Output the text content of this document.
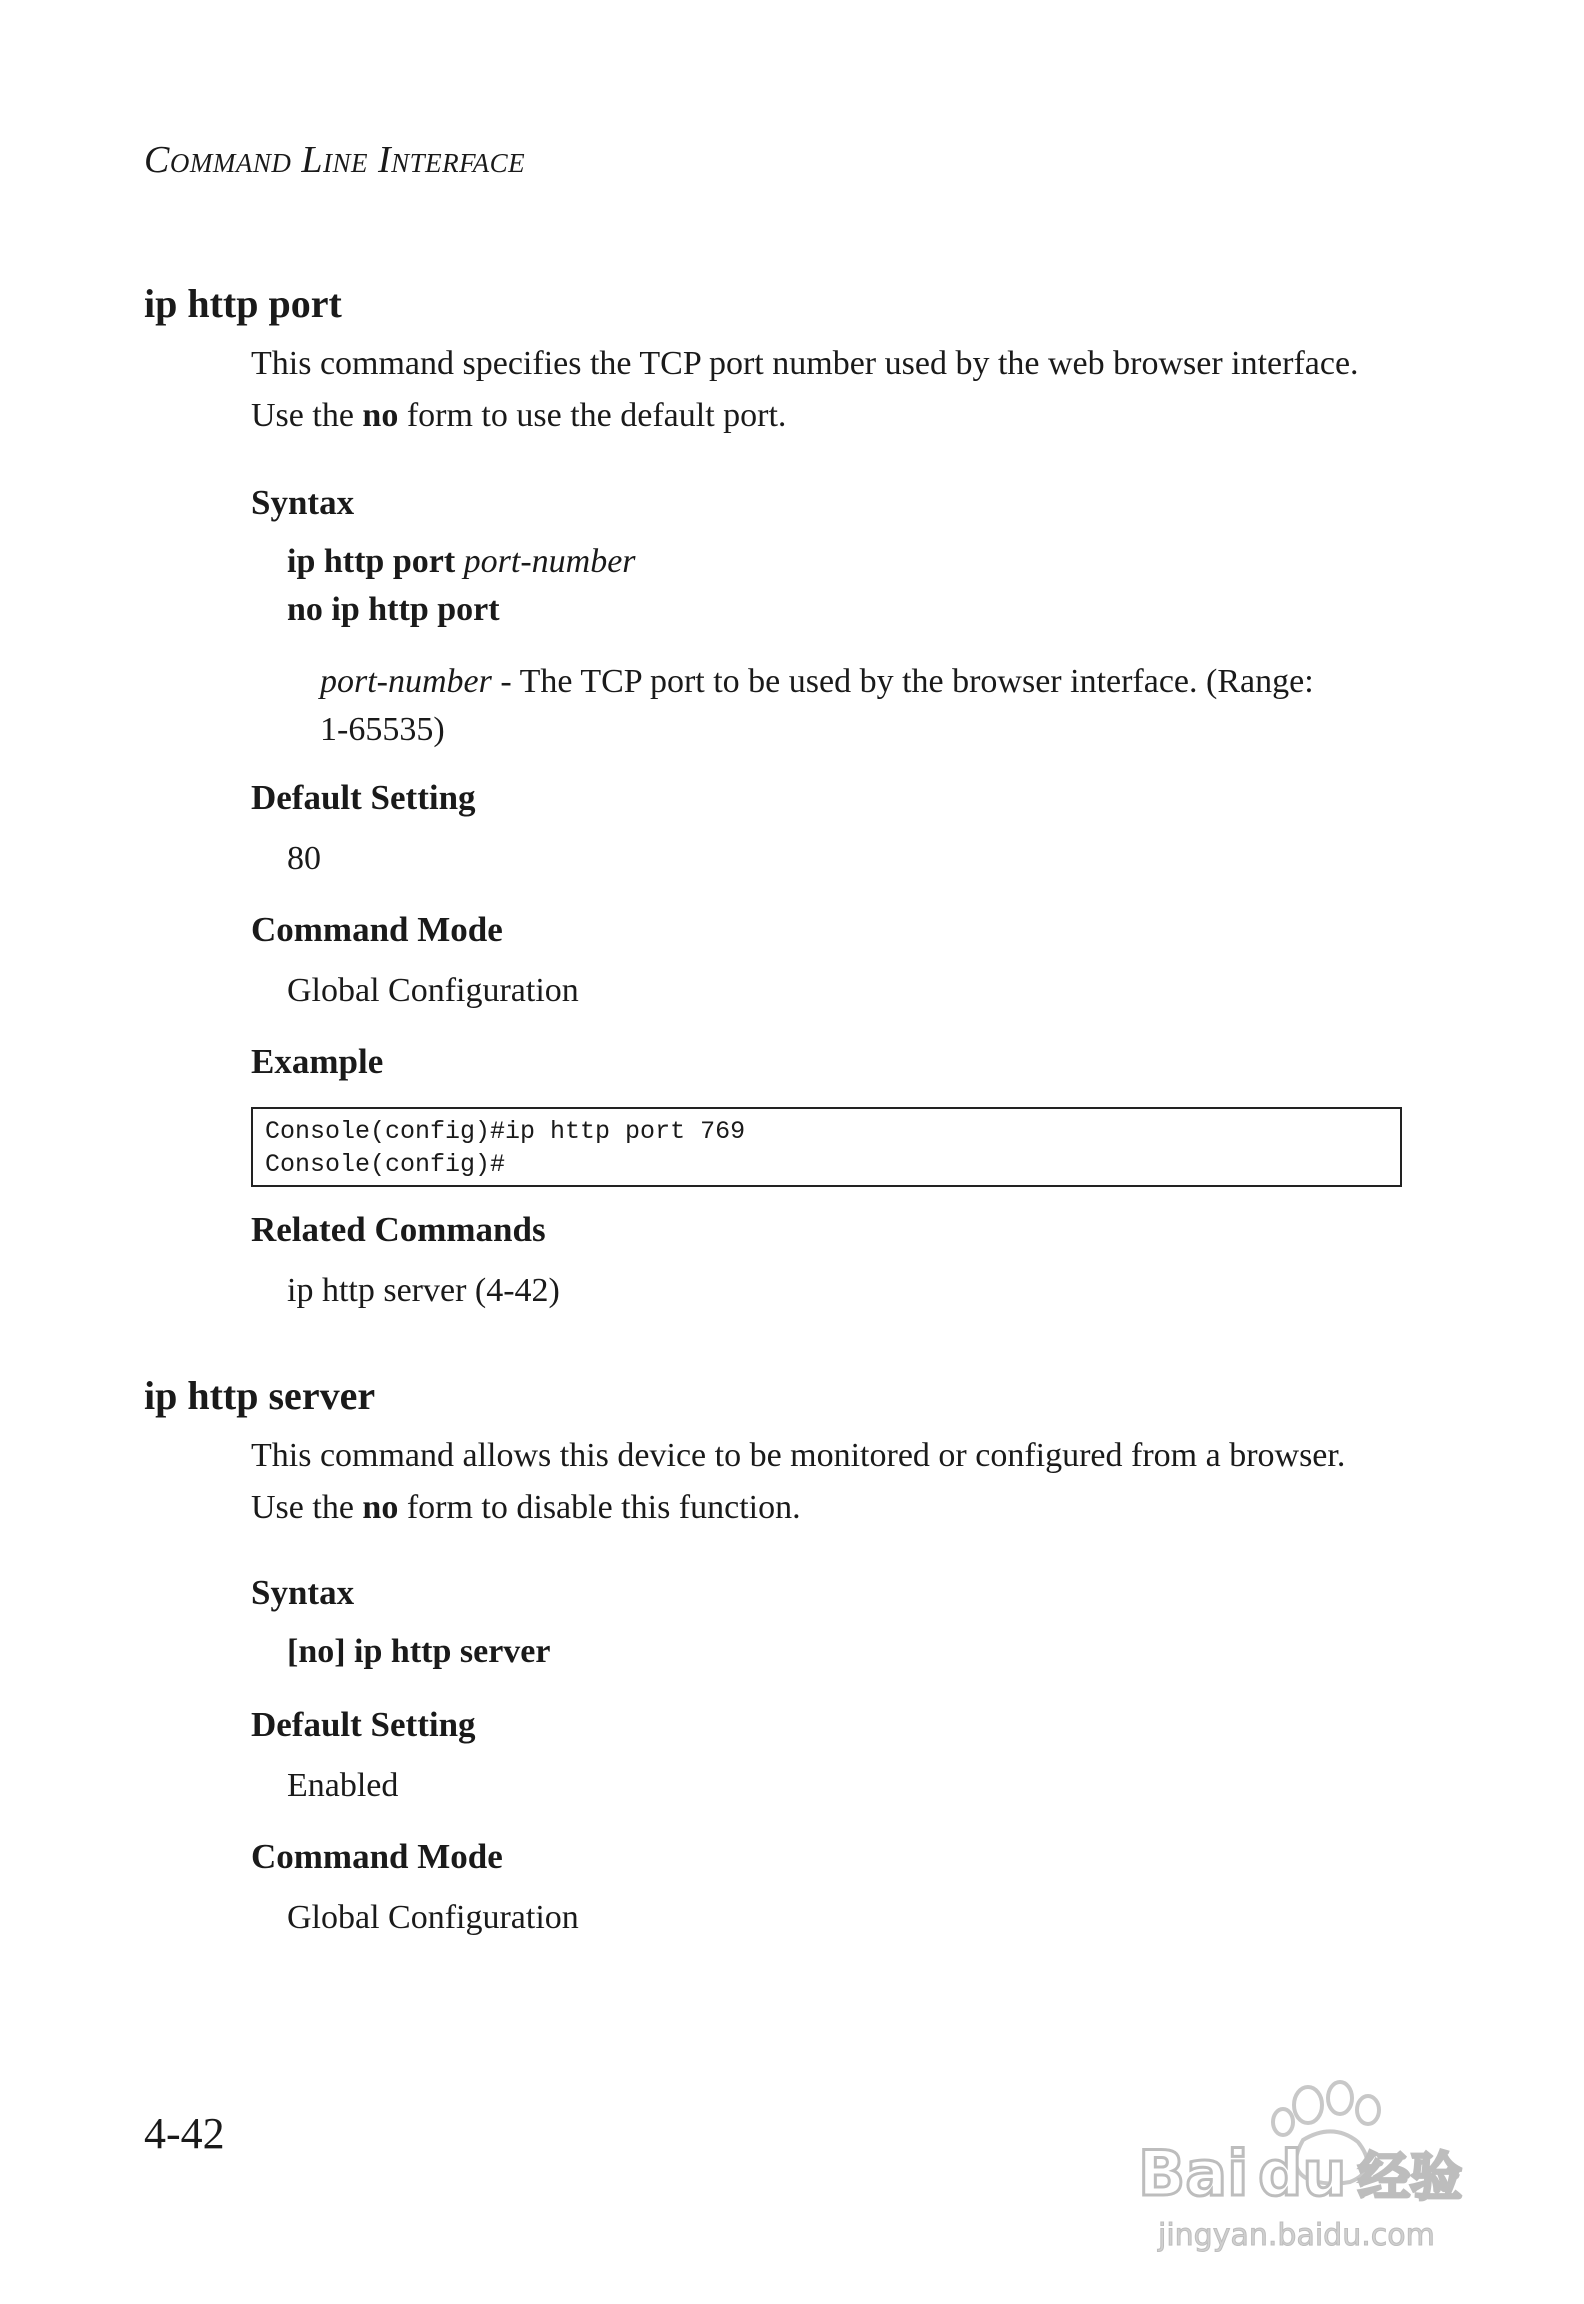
Command Line Interface
ip http port
This command specifies the TCP port number used by the web browser interface. Use the no form to use the default port.
Syntax
ip http port port-number
no ip http port
port-number - The TCP port to be used by the browser interface. (Range: 1-65535)
Default Setting
80
Command Mode
Global Configuration
Example
Console(config)#ip http port 769
Console(config)#
Related Commands
ip http server (4-42)
ip http server
This command allows this device to be monitored or configured from a browser. Use the no form to disable this function.
Syntax
[no] ip http server
Default Setting
Enabled
Command Mode
Global Configuration
4-42
Bai du 经验
jingyan.baidu.com
